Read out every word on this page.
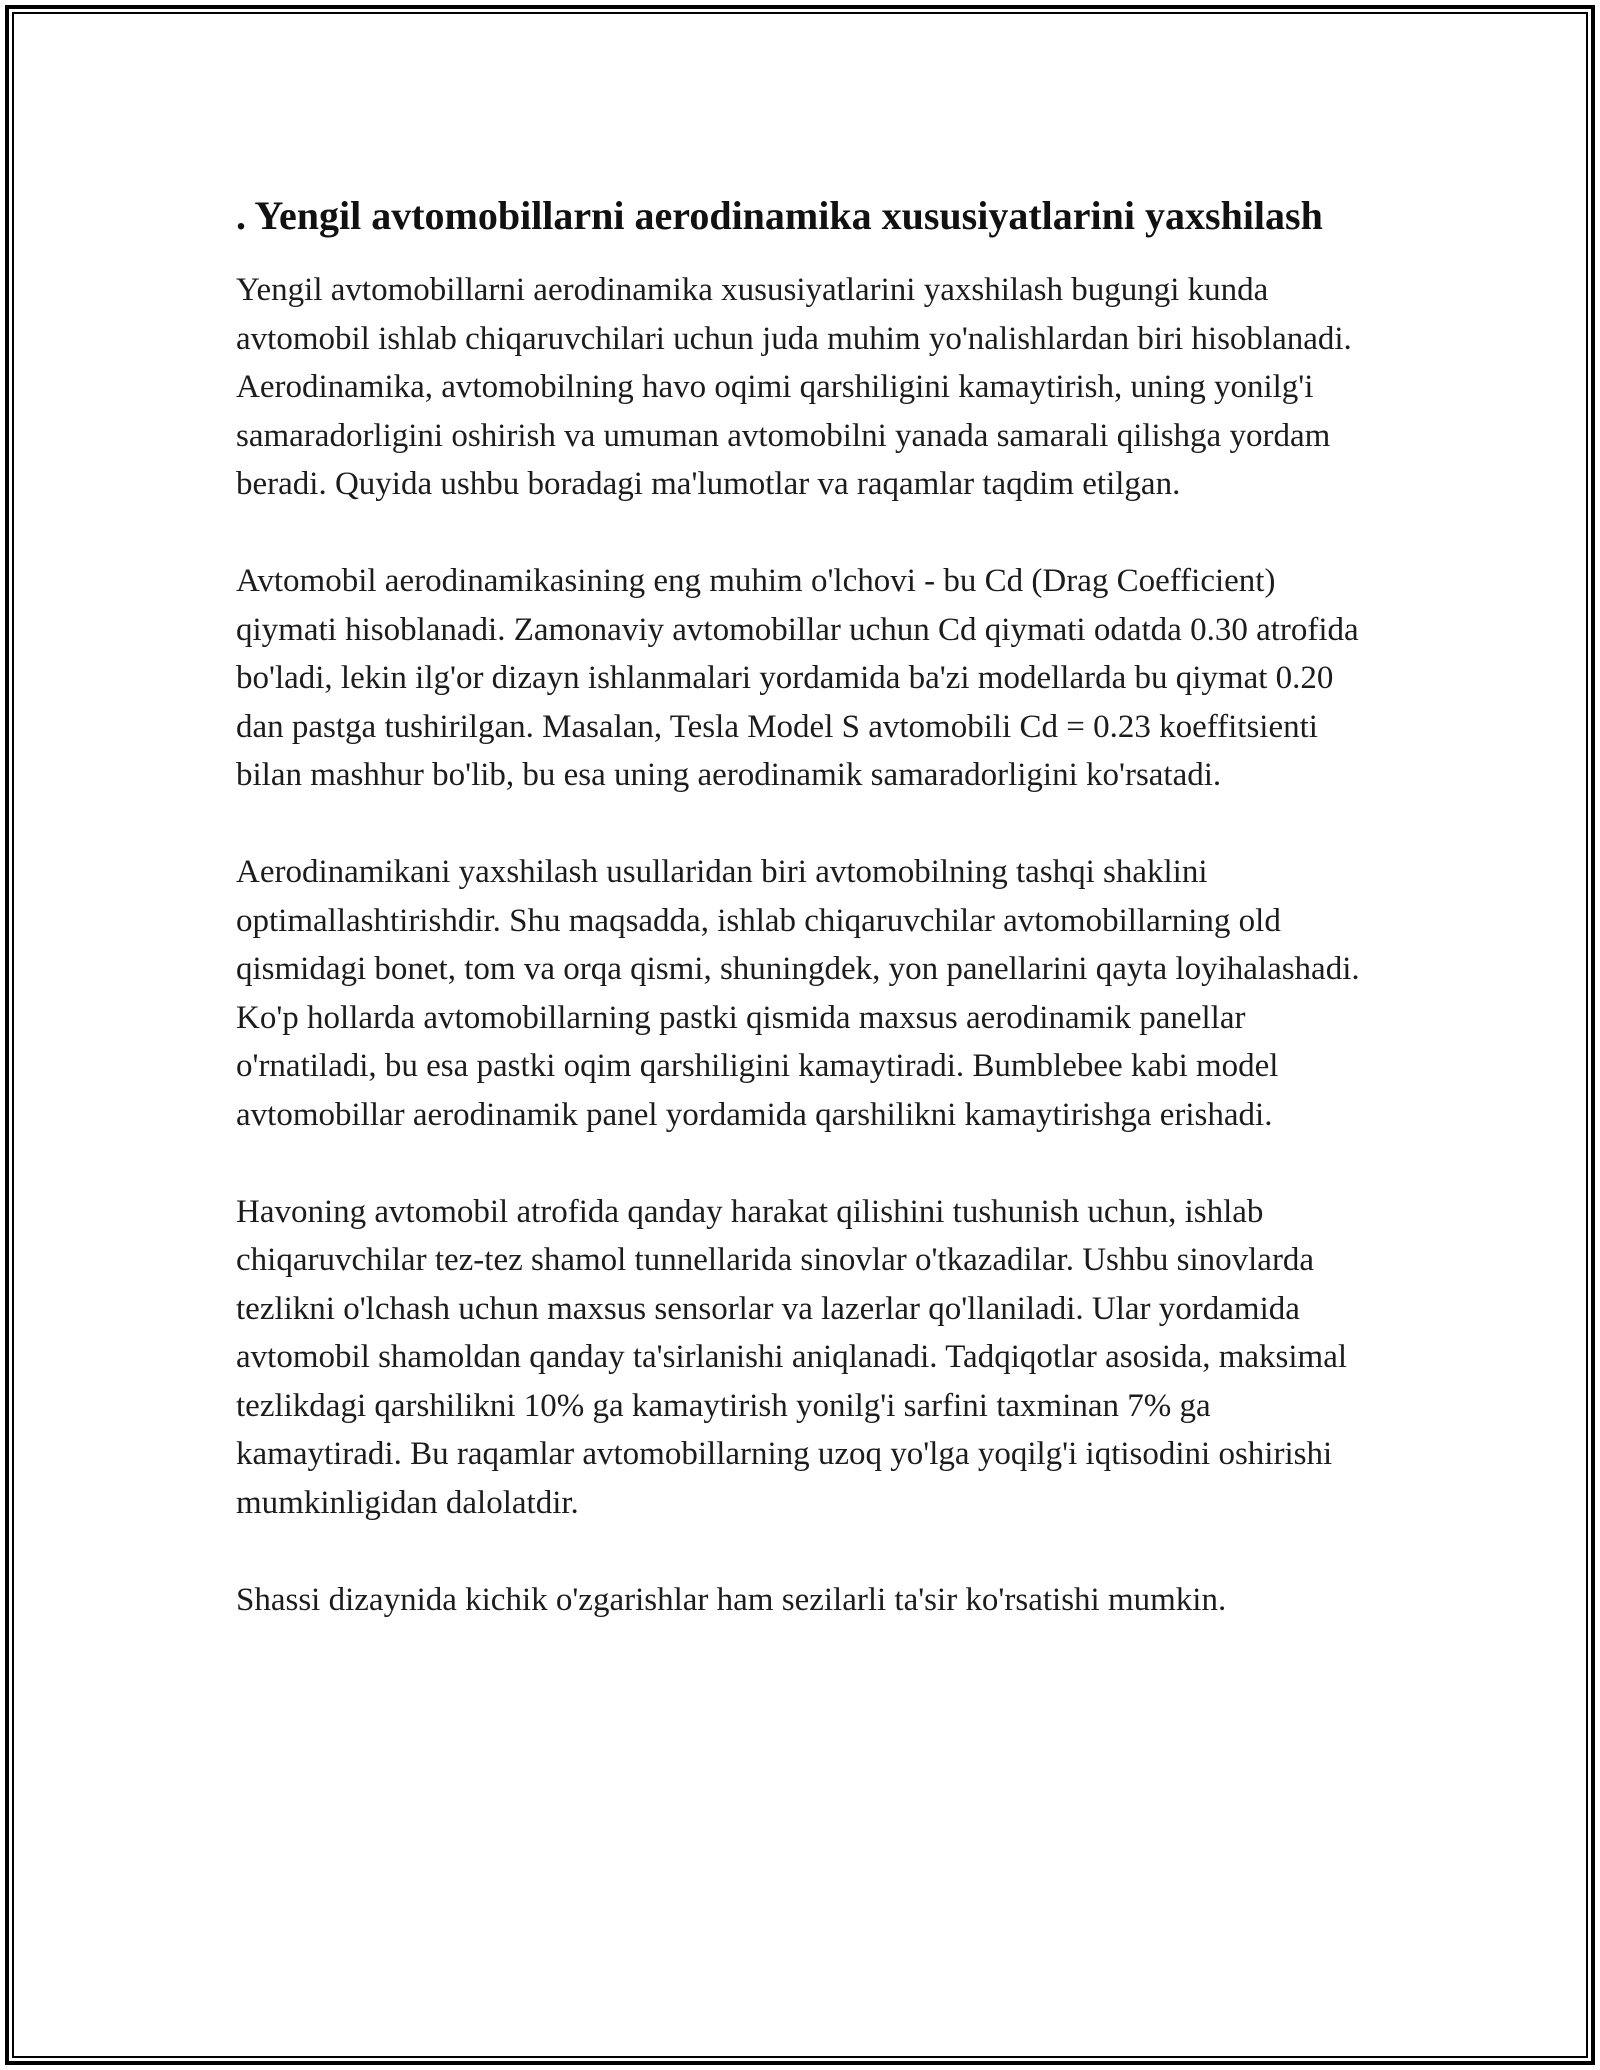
. Yengil avtomobillarni aerodinamika xususiyatlarini yaxshilash

Yengil avtomobillarni aerodinamika xususiyatlarini yaxshilash bugungi kunda avtomobil ishlab chiqaruvchilari uchun juda muhim yo'nalishlardan biri hisoblanadi. Aerodinamika, avtomobilning havo oqimi qarshiligini kamaytirish, uning yonilg'i samaradorligini oshirish va umuman avtomobilni yanada samarali qilishga yordam beradi. Quyida ushbu boradagi ma'lumotlar va raqamlar taqdim etilgan.

Avtomobil aerodinamikasining eng muhim o'lchovi - bu Cd (Drag Coefficient) qiymati hisoblanadi. Zamonaviy avtomobillar uchun Cd qiymati odatda 0.30 atrofida bo'ladi, lekin ilg'or dizayn ishlanmalari yordamida ba'zi modellarda bu qiymat 0.20 dan pastga tushirilgan. Masalan, Tesla Model S avtomobili Cd = 0.23 koeffitsienti bilan mashhur bo'lib, bu esa uning aerodinamik samaradorligini ko'rsatadi.

Aerodinamikani yaxshilash usullaridan biri avtomobilning tashqi shaklini optimallashtirishdir. Shu maqsadda, ishlab chiqaruvchilar avtomobillarning old qismidagi bonet, tom va orqa qismi, shuningdek, yon panellarini qayta loyihalashadi. Ko'p hollarda avtomobillarning pastki qismida maxsus aerodinamik panellar o'rnatiladi, bu esa pastki oqim qarshiligini kamaytiradi. Bumblebee kabi model avtomobillar aerodinamik panel yordamida qarshilikni kamaytirishga erishadi.

Havoning avtomobil atrofida qanday harakat qilishini tushunish uchun, ishlab chiqaruvchilar tez-tez shamol tunnellarida sinovlar o'tkazadilar. Ushbu sinovlarda tezlikni o'lchash uchun maxsus sensorlar va lazerlar qo'llaniladi. Ular yordamida avtomobil shamoldan qanday ta'sirlanishi aniqlanadi. Tadqiqotlar asosida, maksimal tezlikdagi qarshilikni 10% ga kamaytirish yonilg'i sarfini taxminan 7% ga kamaytiradi. Bu raqamlar avtomobillarning uzoq yo'lga yoqilg'i iqtisodini oshirishi mumkinligidan dalolatdir.

Shassi dizaynida kichik o'zgarishlar ham sezilarli ta'sir ko'rsatishi mumkin.
